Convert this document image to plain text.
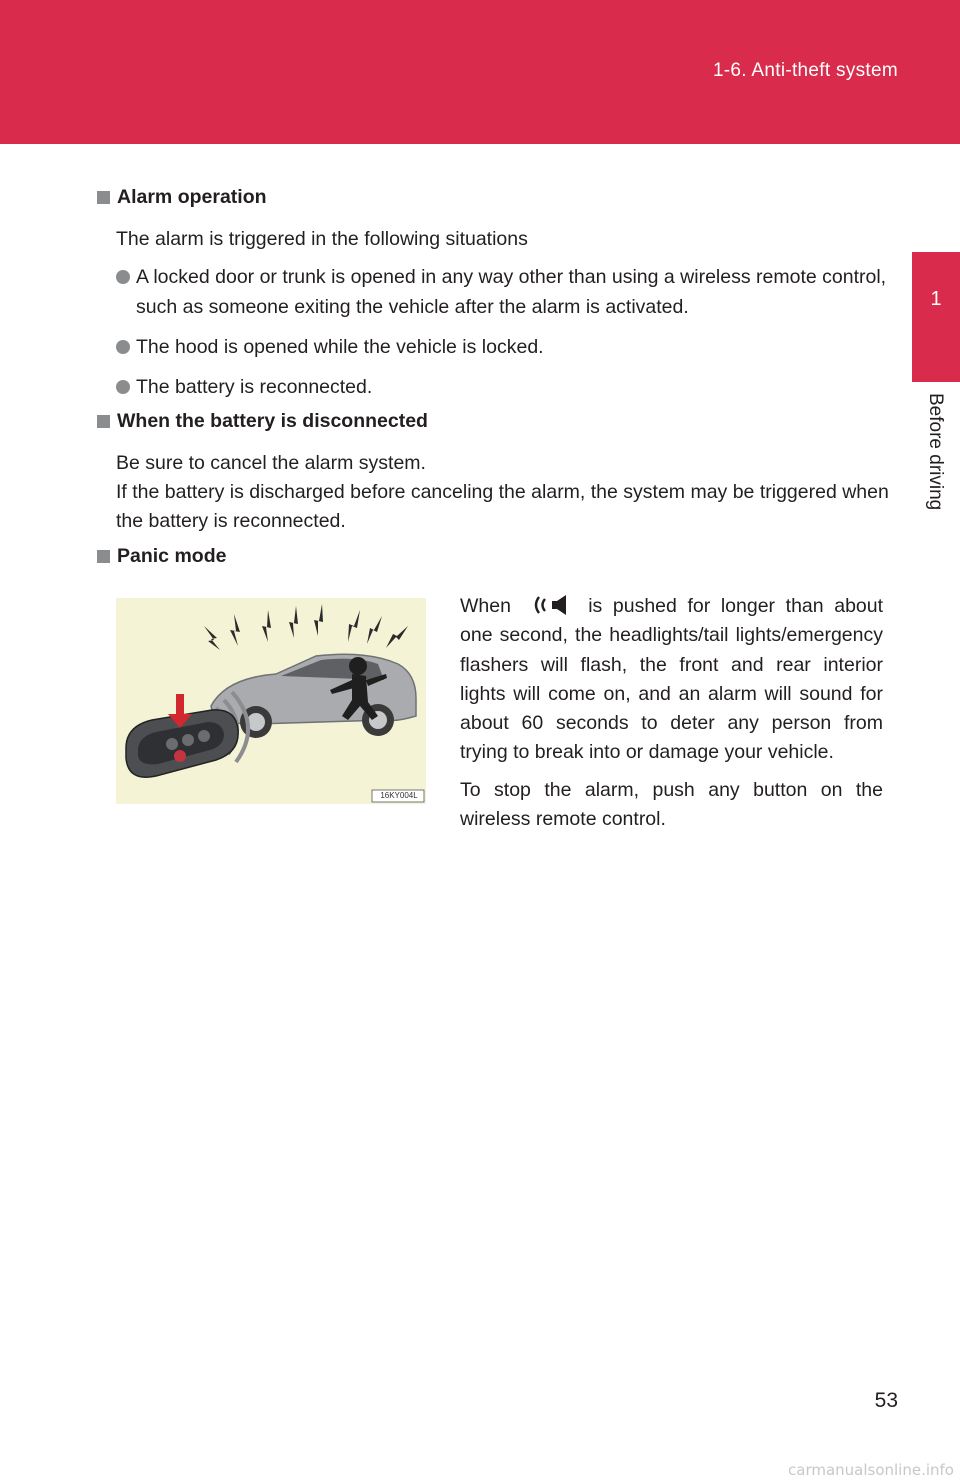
1-6. Anti-theft system
1
Before driving
Alarm operation
The alarm is triggered in the following situations
A locked door or trunk is opened in any way other than using a wireless remote control, such as someone exiting the vehicle after the alarm is activated.
The hood is opened while the vehicle is locked.
The battery is reconnected.
When the battery is disconnected
Be sure to cancel the alarm system.
If the battery is discharged before canceling the alarm, the system may be triggered when the battery is reconnected.
Panic mode
16KY004L
When	is pushed for longer than about one second, the headlights/tail lights/emergency flashers will flash, the front and rear interior lights will come on, and an alarm will sound for about 60 seconds to deter any person from trying to break into or damage your vehicle.
To stop the alarm, push any button on the wireless remote control.
53
carmanualsonline.info
